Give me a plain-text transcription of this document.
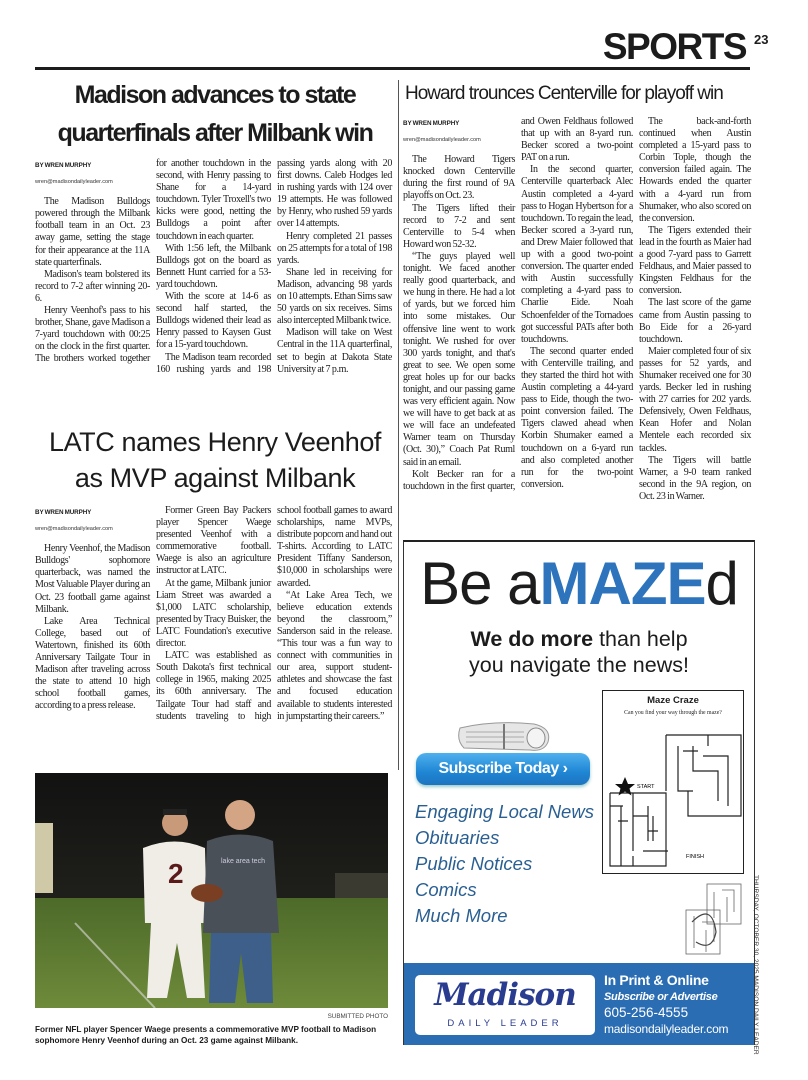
SPORTS 23
Madison advances to state
quarterfinals after Milbank win
BY WREN MURPHY
wren@madisondailyleader.com

The Madison Bulldogs powered through the Milbank football team in an Oct. 23 away game, setting the stage for their appearance at the 11A state quarterfinals.

Madison's team bolstered its record to 7-2 after winning 20-6.

Henry Veenhof's pass to his brother, Shane, gave Madison a 7-yard touchdown with 00:25 on the clock in the first quarter. The brothers worked together for another touchdown in the second, with Henry passing to Shane for a 14-yard touchdown. Tyler Troxell's two kicks were good, netting the Bulldogs a point after touchdown in each quarter.

With 1:56 left, the Milbank Bulldogs got on the board as Bennett Hunt carried for a 53-yard touchdown.

With the score at 14-6 as second half started, the Bulldogs widened their lead as Henry passed to Kaysen Gust for a 15-yard touchdown.

The Madison team recorded 160 rushing yards and 198 passing yards along with 20 first downs. Caleb Hodges led in rushing yards with 124 over 19 attempts. He was followed by Henry, who rushed 59 yards over 14 attempts.

Henry completed 21 passes on 25 attempts for a total of 198 yards.

Shane led in receiving for Madison, advancing 98 yards on 10 attempts. Ethan Sims saw 50 yards on six receives. Sims also intercepted Milbank twice.

Madison will take on West Central in the 11A quarterfinal, set to begin at Dakota State University at 7 p.m.

Howard trounces Centerville for playoff win
BY WREN MURPHY
wren@madisondailyleader.com

The Howard Tigers knocked down Centerville during the first round of 9A playoffs on Oct. 23.

The Tigers lifted their record to 7-2 and sent Centerville to 5-4 when Howard won 52-32.

“The guys played well tonight. We faced another really good quarterback, and we hung in there. He had a lot of yards, but we forced him into some mistakes. Our offensive line went to work tonight. We rushed for over 300 yards tonight, and that's great to see. We open some great holes up for our backs tonight, and our passing game was very efficient again. Now we will have to get back at as we will face an undefeated Warner team on Thursday (Oct. 30),” Coach Pat Ruml said in an email.

Kolt Becker ran for a touchdown in the first quarter, and Owen Feldhaus followed that up with an 8-yard run. Becker scored a two-point PAT on a run.

In the second quarter, Centerville quarterback Alec Austin completed a 4-yard pass to Hogan Hybertson for a touchdown. To regain the lead, Becker scored a 3-yard run, and Drew Maier followed that up with a good two-point conversion. The quarter ended with Austin successfully completing a 4-yard pass to Charlie Eide. Noah Schoenfelder of the Tornadoes got successful PATs after both touchdowns.

The second quarter ended with Centerville trailing, and they started the third hot with Austin completing a 44-yard pass to Eide, though the two-point conversion failed. The Tigers clawed ahead when Korbin Shumaker earned a touchdown on a 6-yard run and also completed another run for the two-point conversion.

The back-and-forth continued when Austin completed a 15-yard pass to Corbin Tople, though the conversion failed again. The Howards ended the quarter with a 4-yard run from Shumaker, who also scored on the conversion.

The Tigers extended their lead in the fourth as Maier had a good 7-yard pass to Garrett Feldhaus, and Maier passed to Kingsten Feldhaus for the conversion.

The last score of the game came from Austin passing to Bo Eide for a 26-yard touchdown.

Maier completed four of six passes for 52 yards, and Shumaker received one for 30 yards. Becker led in rushing with 27 carries for 202 yards. Defensively, Owen Feldhaus, Kean Hofer and Nolan Mentele each recorded six tackles.

The Tigers will battle Warner, a 9-0 team ranked second in the 9A region, on Oct. 23 in Warner.

LATC names Henry Veenhof
as MVP against Milbank
BY WREN MURPHY
wren@madisondailyleader.com

Henry Veenhof, the Madison Bulldogs' sophomore quarterback, was named the Most Valuable Player during an Oct. 23 football game against Milbank.

Lake Area Technical College, based out of Watertown, finished its 60th Anniversary Tailgate Tour in Madison after traveling across the state to attend 10 high school football games, according to a press release.

Former Green Bay Packers player Spencer Waege presented Veenhof with a commemorative football. Waege is also an agriculture instructor at LATC.

At the game, Milbank junior Liam Street was awarded a $1,000 LATC scholarship, presented by Tracy Buisker, the LATC Foundation's executive director.

LATC was established as South Dakota's first technical college in 1965, making 2025 its 60th anniversary. The Tailgate Tour had staff and students traveling to high school football games to award scholarships, name MVPs, distribute popcorn and hand out T-shirts. According to LATC President Tiffany Sanderson, $10,000 in scholarships were awarded.

“At Lake Area Tech, we believe education extends beyond the classroom,” Sanderson said in the release. “This tour was a fun way to connect with communities in our area, support student-athletes and showcase the fast and focused education available to students interested in jumpstarting their careers.”

2	lake area tech
SUBMITTED PHOTO
Former NFL player Spencer Waege presents a commemorative MVP football to Madison sophomore Henry Veenhof during an Oct. 23 game against Milbank.
Be aMAZEd
We do more than help
you navigate the news!
Subscribe Today ›
Engaging Local News
Obituaries
Public Notices
Comics
Much More
Maze Craze
Can you find your way through the maze?
START
FINISH
Madison
DAILY LEADER
In Print & Online
Subscribe or Advertise
605-256-4555
madisondailyleader.com	THURSDAY, OCTOBER 30, 2025 MADISON DAILY LEADER
